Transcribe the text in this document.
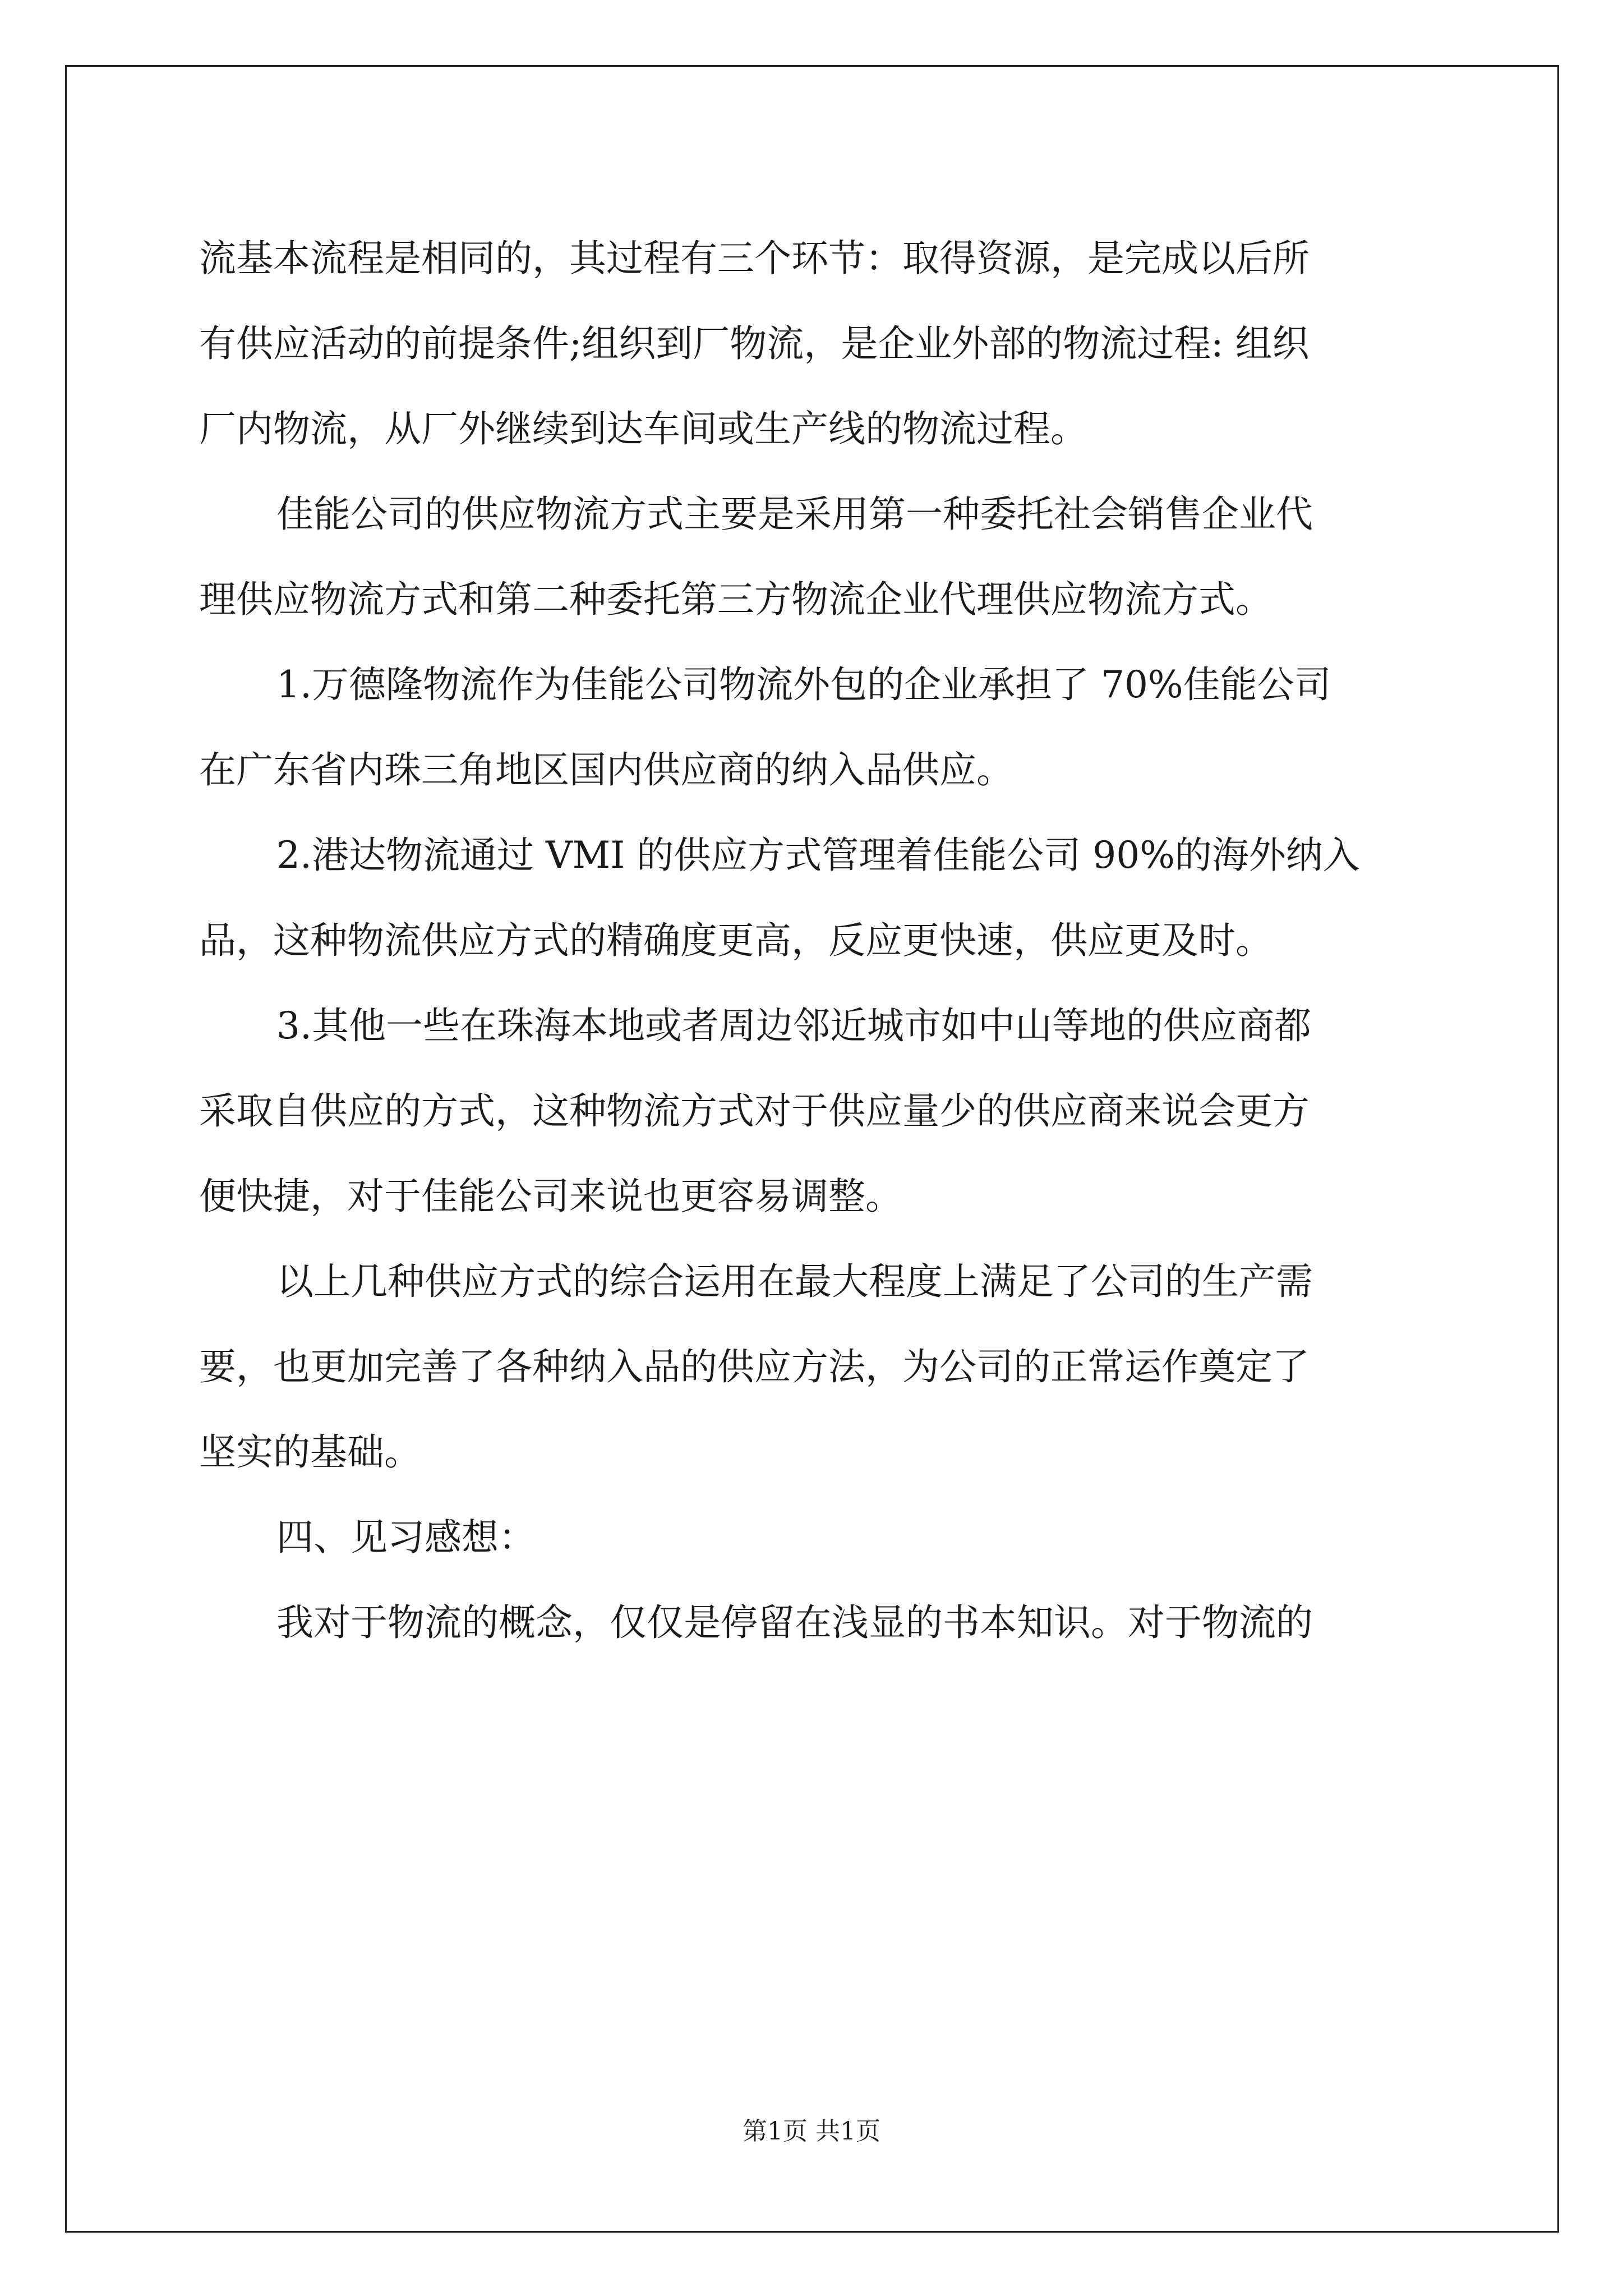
流基本流程是相同的，其过程有三个环节：取得资源，是完成以后所
有供应活动的前提条件;组织到厂物流，是企业外部的物流过程: 组织
厂内物流，从厂外继续到达车间或生产线的物流过程。
佳能公司的供应物流方式主要是采用第一种委托社会销售企业代
理供应物流方式和第二种委托第三方物流企业代理供应物流方式。
1.万德隆物流作为佳能公司物流外包的企业承担了 70%佳能公司
在广东省内珠三角地区国内供应商的纳入品供应。
2.港达物流通过 VMI 的供应方式管理着佳能公司 90%的海外纳入
品，这种物流供应方式的精确度更高，反应更快速，供应更及时。
3.其他一些在珠海本地或者周边邻近城市如中山等地的供应商都
采取自供应的方式，这种物流方式对于供应量少的供应商来说会更方
便快捷，对于佳能公司来说也更容易调整。
以上几种供应方式的综合运用在最大程度上满足了公司的生产需
要，也更加完善了各种纳入品的供应方法，为公司的正常运作奠定了
坚实的基础。
四、见习感想：
我对于物流的概念，仅仅是停留在浅显的书本知识。对于物流的
第1页 共1页
